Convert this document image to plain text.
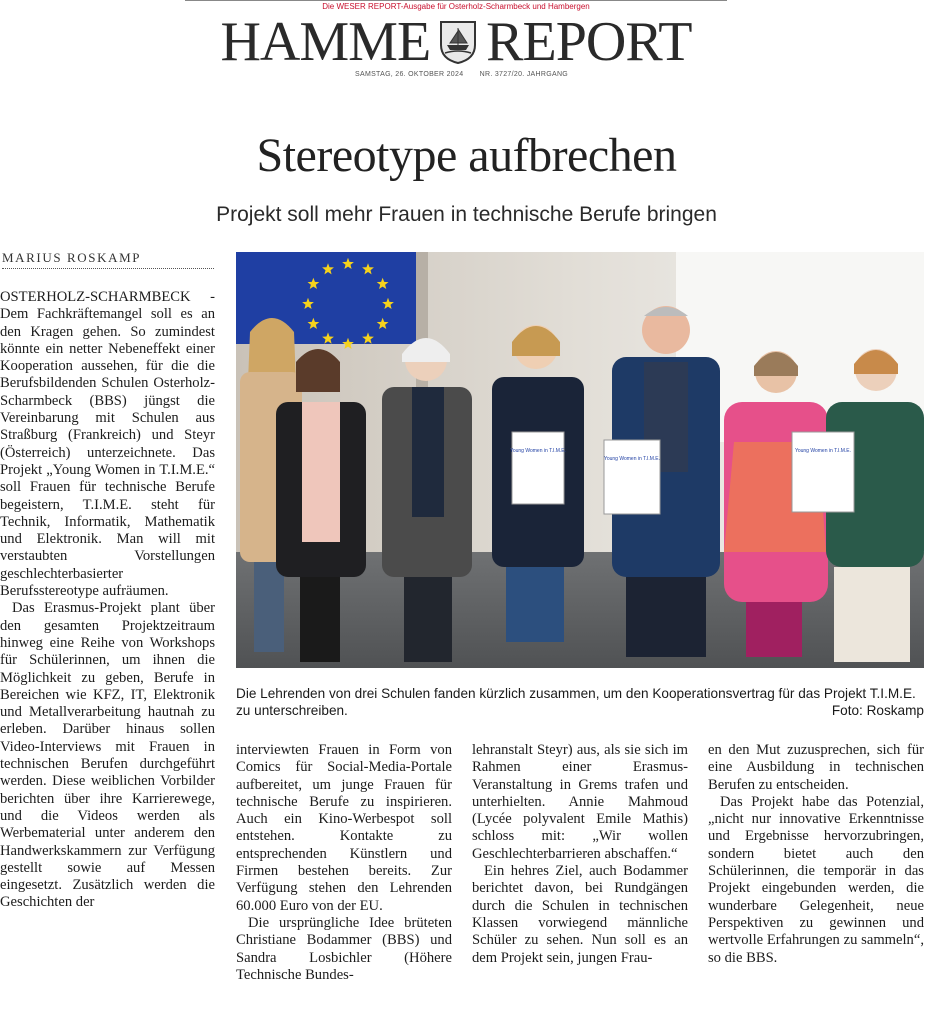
Die WESER REPORT-Ausgabe für Osterholz-Scharmbeck und Hambergen
HAMME REPORT
SAMSTAG, 26. OKTOBER 2024 NR. 3727/20. JAHRGANG
Stereotype aufbrechen
Projekt soll mehr Frauen in technische Berufe bringen
MARIUS ROSKAMP

OSTERHOLZ-SCHARMBECK - Dem Fachkräftemangel soll es an den Kragen gehen. So zumindest könnte ein netter Nebeneffekt einer Kooperation aussehen, für die die Berufsbildenden Schulen Osterholz-Scharmbeck (BBS) jüngst die Vereinbarung mit Schulen aus Straßburg (Frankreich) und Steyr (Österreich) unterzeichnete. Das Projekt „Young Women in T.I.M.E.“ soll Frauen für technische Berufe begeistern, T.I.M.E. steht für Technik, Informatik, Mathematik und Elektronik. Man will mit verstaubten Vorstellungen geschlechterbasierter Berufsstereotype aufräumen.

Das Erasmus-Projekt plant über den gesamten Projektzeitraum hinweg eine Reihe von Workshops für Schülerinnen, um ihnen die Möglichkeit zu geben, Berufe in Bereichen wie KFZ, IT, Elektronik und Metallverarbeitung hautnah zu erleben. Darüber hinaus sollen Video-Interviews mit Frauen in technischen Berufen durchgeführt werden. Diese weiblichen Vorbilder berichten über ihre Karrierewege, und die Videos werden als Werbematerial unter anderem den Handwerkskammern zur Verfügung gestellt sowie auf Messen eingesetzt. Zusätzlich werden die Geschichten der

Young Women in T.I.M.E.
Young Women in T.I.M.E.
Young Women in T.I.M.E.
Die Lehrenden von drei Schulen fanden kürzlich zusammen, um den Kooperationsvertrag für das Projekt T.I.M.E. zu unterschreiben.	Foto: Roskamp

interviewten Frauen in Form von Comics für Social-Media-Portale aufbereitet, um junge Frauen für technische Berufe zu inspirieren. Auch ein Kino-Werbespot soll entstehen. Kontakte zu entsprechenden Künstlern und Firmen bestehen bereits. Zur Verfügung stehen den Lehrenden 60.000 Euro von der EU.

Die ursprüngliche Idee brüteten Christiane Bodammer (BBS) und Sandra Losbichler (Höhere Technische Bundes-

lehranstalt Steyr) aus, als sie sich im Rahmen einer Erasmus-Veranstaltung in Grems trafen und unterhielten. Annie Mahmoud (Lycée polyvalent Emile Mathis) schloss mit: „Wir wollen Geschlechterbarrieren abschaffen.“

Ein hehres Ziel, auch Bodammer berichtet davon, bei Rundgängen durch die Schulen in technischen Klassen vorwiegend männliche Schüler zu sehen. Nun soll es an dem Projekt sein, jungen Frau-

en den Mut zuzusprechen, sich für eine Ausbildung in technischen Berufen zu entscheiden.

Das Projekt habe das Potenzial, „nicht nur innovative Erkenntnisse und Ergebnisse hervorzubringen, sondern bietet auch den Schülerinnen, die temporär in das Projekt eingebunden werden, die wunderbare Gelegenheit, neue Perspektiven zu gewinnen und wertvolle Erfahrungen zu sammeln“, so die BBS.
